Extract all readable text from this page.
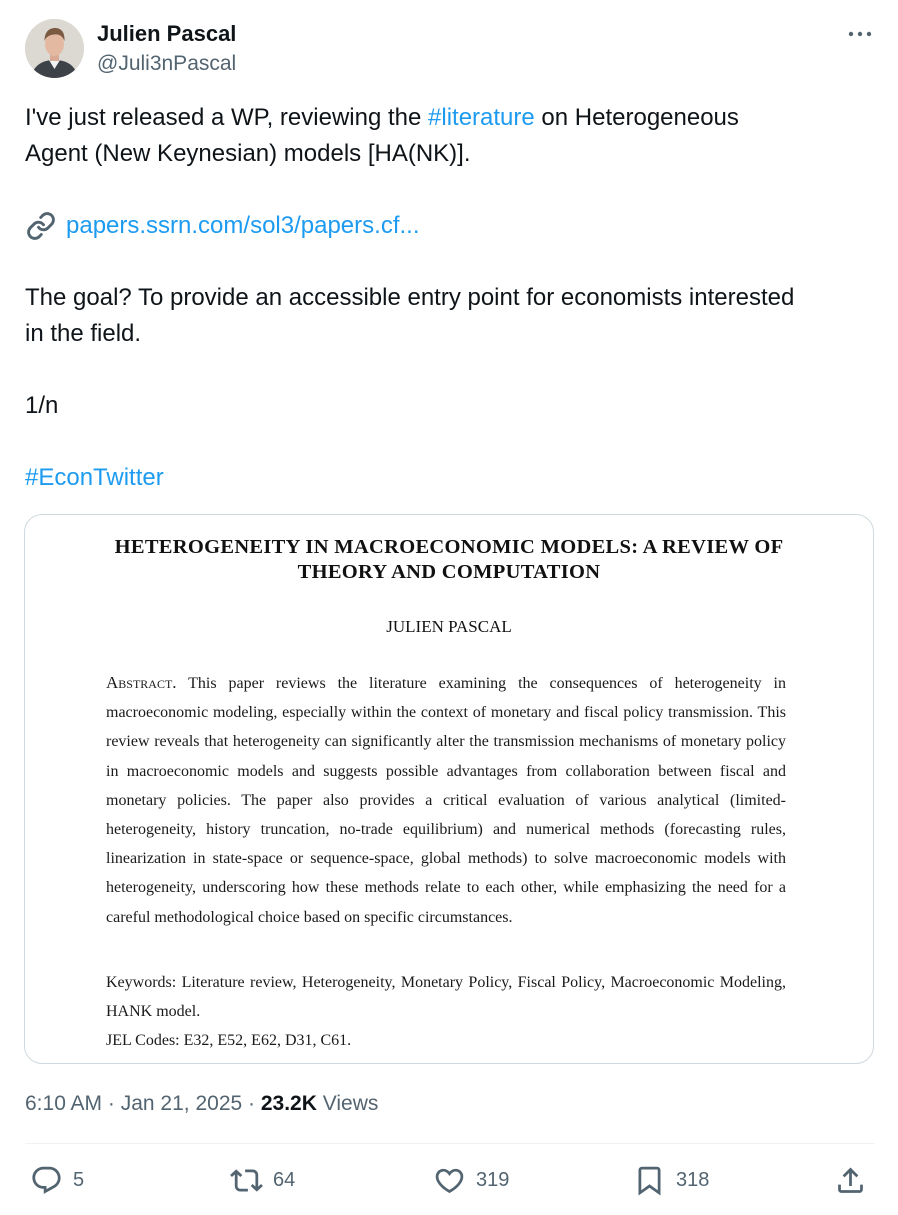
Julien Pascal
@Juli3nPascal

I've just released a WP, reviewing the #literature on Heterogeneous
Agent (New Keynesian) models [HA(NK)].

papers.ssrn.com/sol3/papers.cf...

The goal? To provide an accessible entry point for economists interested
in the field.

1/n

#EconTwitter

HETEROGENEITY IN MACROECONOMIC MODELS: A REVIEW OF
THEORY AND COMPUTATION
JULIEN PASCAL
Abstract. This paper reviews the literature examining the consequences of heterogeneity in macroeconomic modeling, especially within the context of monetary and fiscal policy transmission. This review reveals that heterogeneity can significantly alter the transmission mechanisms of monetary policy in macroeconomic models and suggests possible advantages from collaboration between fiscal and monetary policies. The paper also provides a critical evaluation of various analytical (limited-heterogeneity, history truncation, no-trade equilibrium) and numerical methods (forecasting rules, linearization in state-space or sequence-space, global methods) to solve macroeconomic models with heterogeneity, underscoring how these methods relate to each other, while emphasizing the need for a careful methodological choice based on specific circumstances.
Keywords: Literature review, Heterogeneity, Monetary Policy, Fiscal Policy, Macroeconomic Modeling, HANK model.
JEL Codes: E32, E52, E62, D31, C61.
6:10 AM · Jan 21, 2025 · 23.2K Views
5	64	319	318
